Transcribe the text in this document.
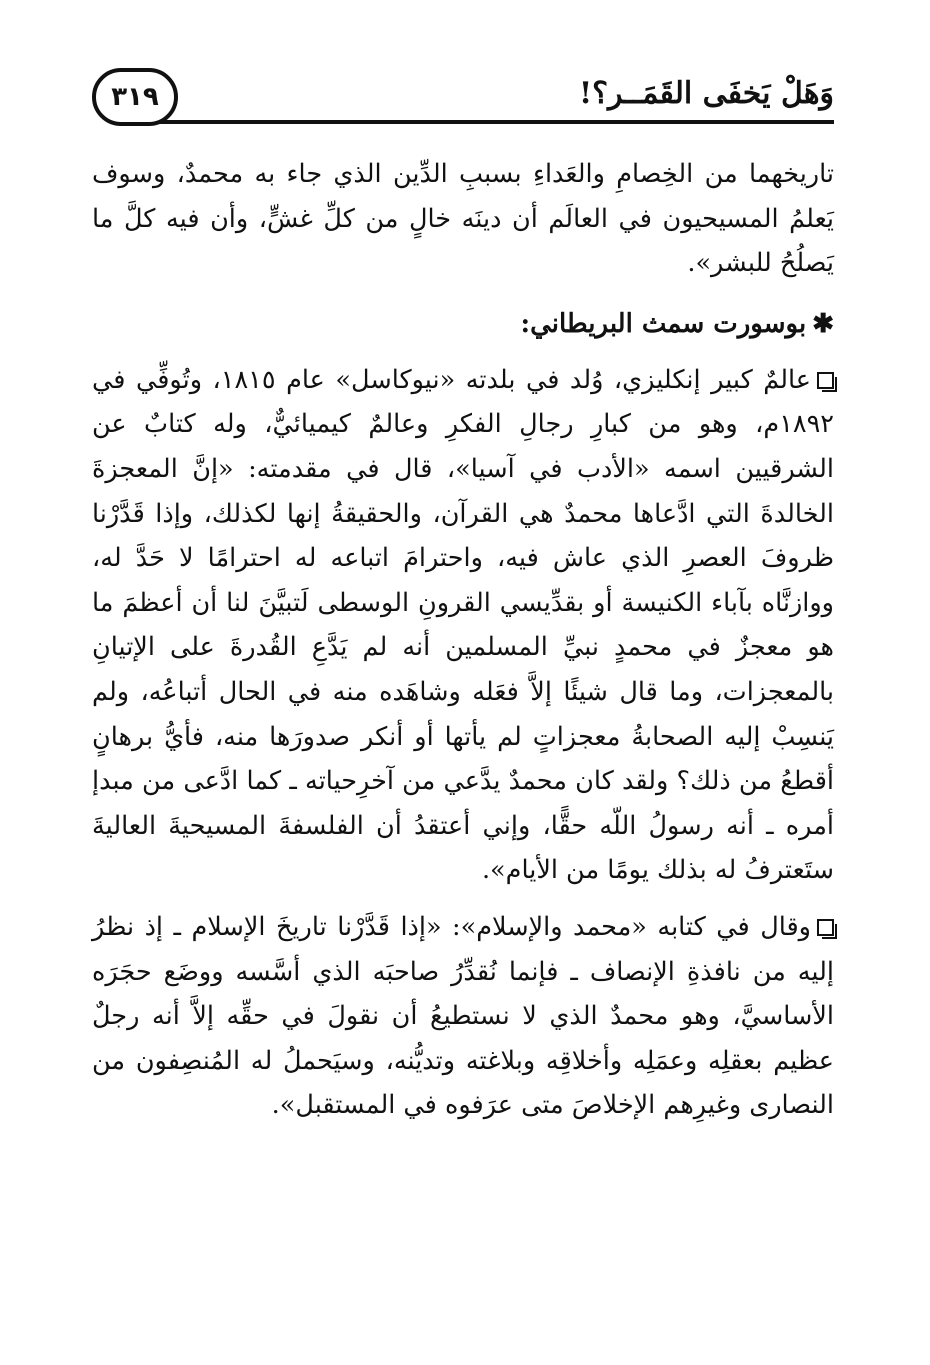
وَهَلْ يَخفَى القَمَــر؟!
٣١٩

تاريخهما من الخِصامِ والعَداءِ بسببِ الدِّين الذي جاء به محمدٌ، وسوف يَعلمُ المسيحيون في العالَم أن دينَه خالٍ من كلِّ غشٍّ، وأن فيه كلَّ ما يَصلُحُ للبشر».

✱بوسورت سمث البريطاني:

عالمٌ كبير إنكليزي، وُلد في بلدته «نيوكاسل» عام ١٨١٥، وتُوفِّي في ١٨٩٢م، وهو من كبارِ رجالِ الفكرِ وعالمٌ كيميائيٌّ، وله كتابٌ عن الشرقيين اسمه «الأدب في آسيا»، قال في مقدمته: «إنَّ المعجزةَ الخالدةَ التي ادَّعاها محمدٌ هي القرآن، والحقيقةُ إنها لكذلك، وإذا قَدَّرْنا ظروفَ العصرِ الذي عاش فيه، واحترامَ اتباعه له احترامًا لا حَدَّ له، ووازنَّاه بآباء الكنيسة أو بقدِّيسي القرونِ الوسطى لَتبيَّنَ لنا أن أعظمَ ما هو معجزٌ في محمدٍ نبيِّ المسلمين أنه لم يَدَّعِ القُدرةَ على الإتيانِ بالمعجزات، وما قال شيئًا إلاَّ فعَله وشاهَده منه في الحال أتباعُه، ولم يَنسِبْ إليه الصحابةُ معجزاتٍ لم يأتها أو أنكر صدورَها منه، فأيُّ برهانٍ أقطعُ من ذلك؟ ولقد كان محمدٌ يدَّعي من آخرِحياته ـ كما ادَّعى من مبدإ أمره ـ أنه رسولُ اللّه حقًّا، وإني أعتقدُ أن الفلسفةَ المسيحيةَ العاليةَ ستَعترفُ له بذلك يومًا من الأيام».

وقال في كتابه «محمد والإسلام»: «إذا قَدَّرْنا تاريخَ الإسلام ـ إذ نظرُ إليه من نافذةِ الإنصاف ـ فإنما نُقدِّرُ صاحبَه الذي أسَّسه ووضَع حجَرَه الأساسيَّ، وهو محمدٌ الذي لا نستطيعُ أن نقولَ في حقِّه إلاَّ أنه رجلٌ عظيم بعقلِه وعمَلِه وأخلاقِه وبلاغته وتديُّنه، وسيَحملُ له المُنصِفون من النصارى وغيرِهم الإخلاصَ متى عرَفوه في المستقبل».
